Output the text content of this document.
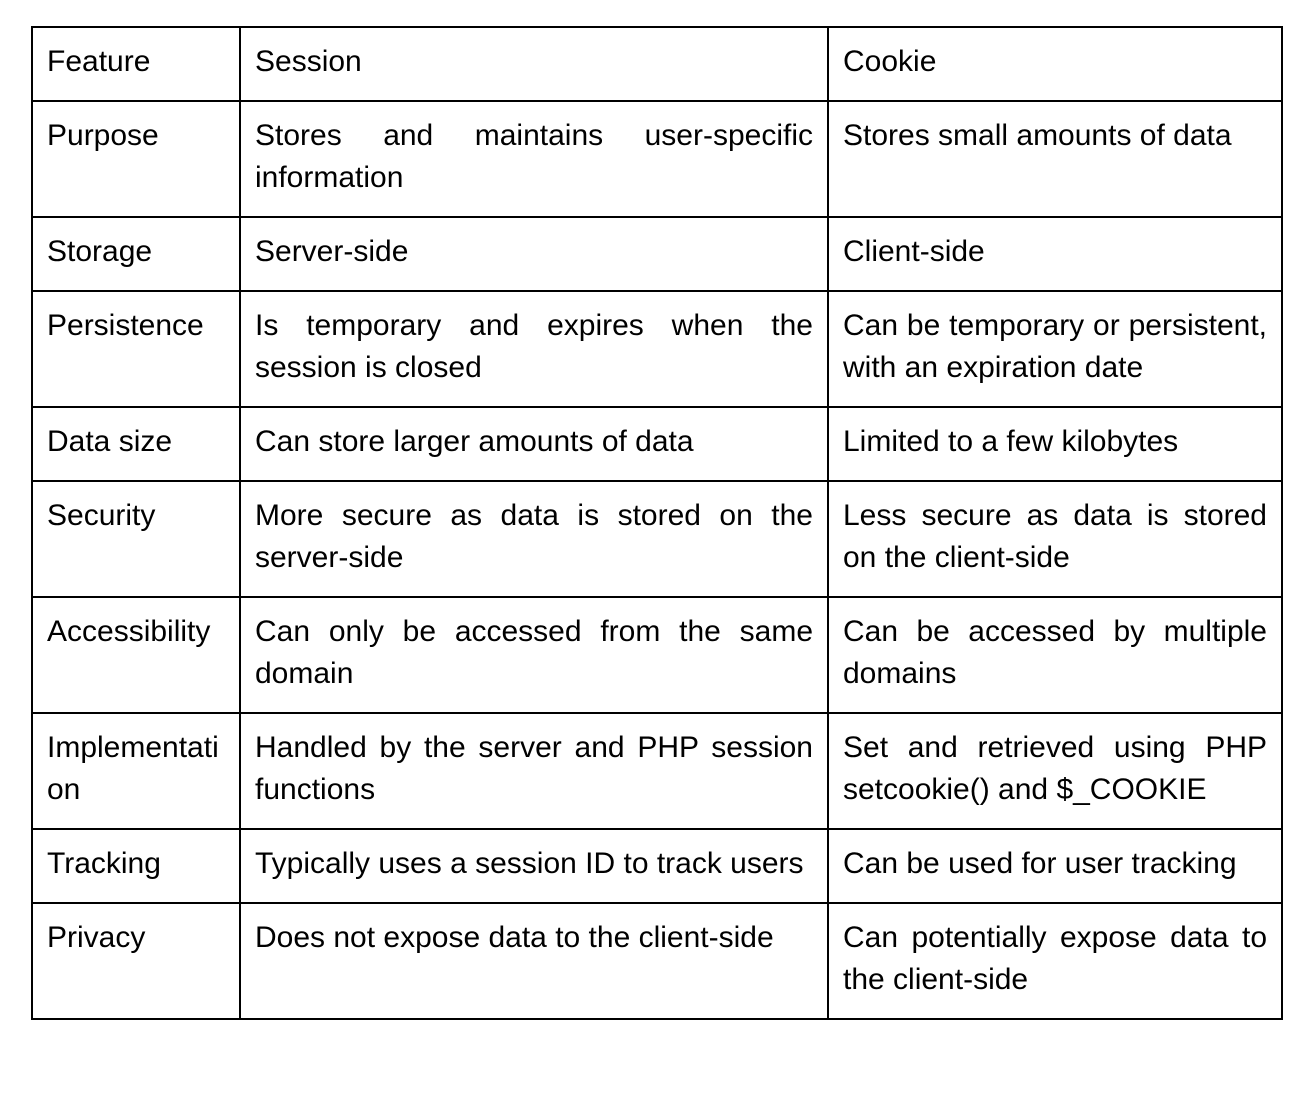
Feature	Session	Cookie
Purpose	Stores and maintains user-specific information	Stores small amounts of data
Storage	Server-side	Client-side
Persistence	Is temporary and expires when the session is closed	Can be temporary or persistent, with an expiration date
Data size	Can store larger amounts of data	Limited to a few kilobytes
Security	More secure as data is stored on the server-side	Less secure as data is stored on the client-side
Accessibility	Can only be accessed from the same domain	Can be accessed by multiple domains
Implementation	Handled by the server and PHP session functions	Set and retrieved using PHP setcookie() and $_COOKIE
Tracking	Typically uses a session ID to track users	Can be used for user tracking
Privacy	Does not expose data to the client-side	Can potentially expose data to the client-side
